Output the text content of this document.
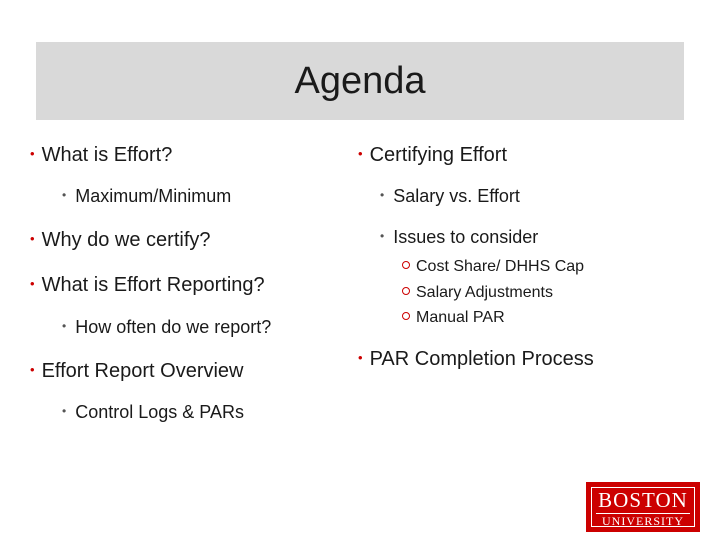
Agenda
• What is Effort?
• Maximum/Minimum
• Why do we certify?
• What is Effort Reporting?
• How often do we report?
• Effort Report Overview
• Control Logs & PARs
• Certifying Effort
• Salary vs. Effort
• Issues to consider
Cost Share/ DHHS Cap
Salary Adjustments
Manual PAR
• PAR Completion Process
BOSTON
UNIVERSITY
